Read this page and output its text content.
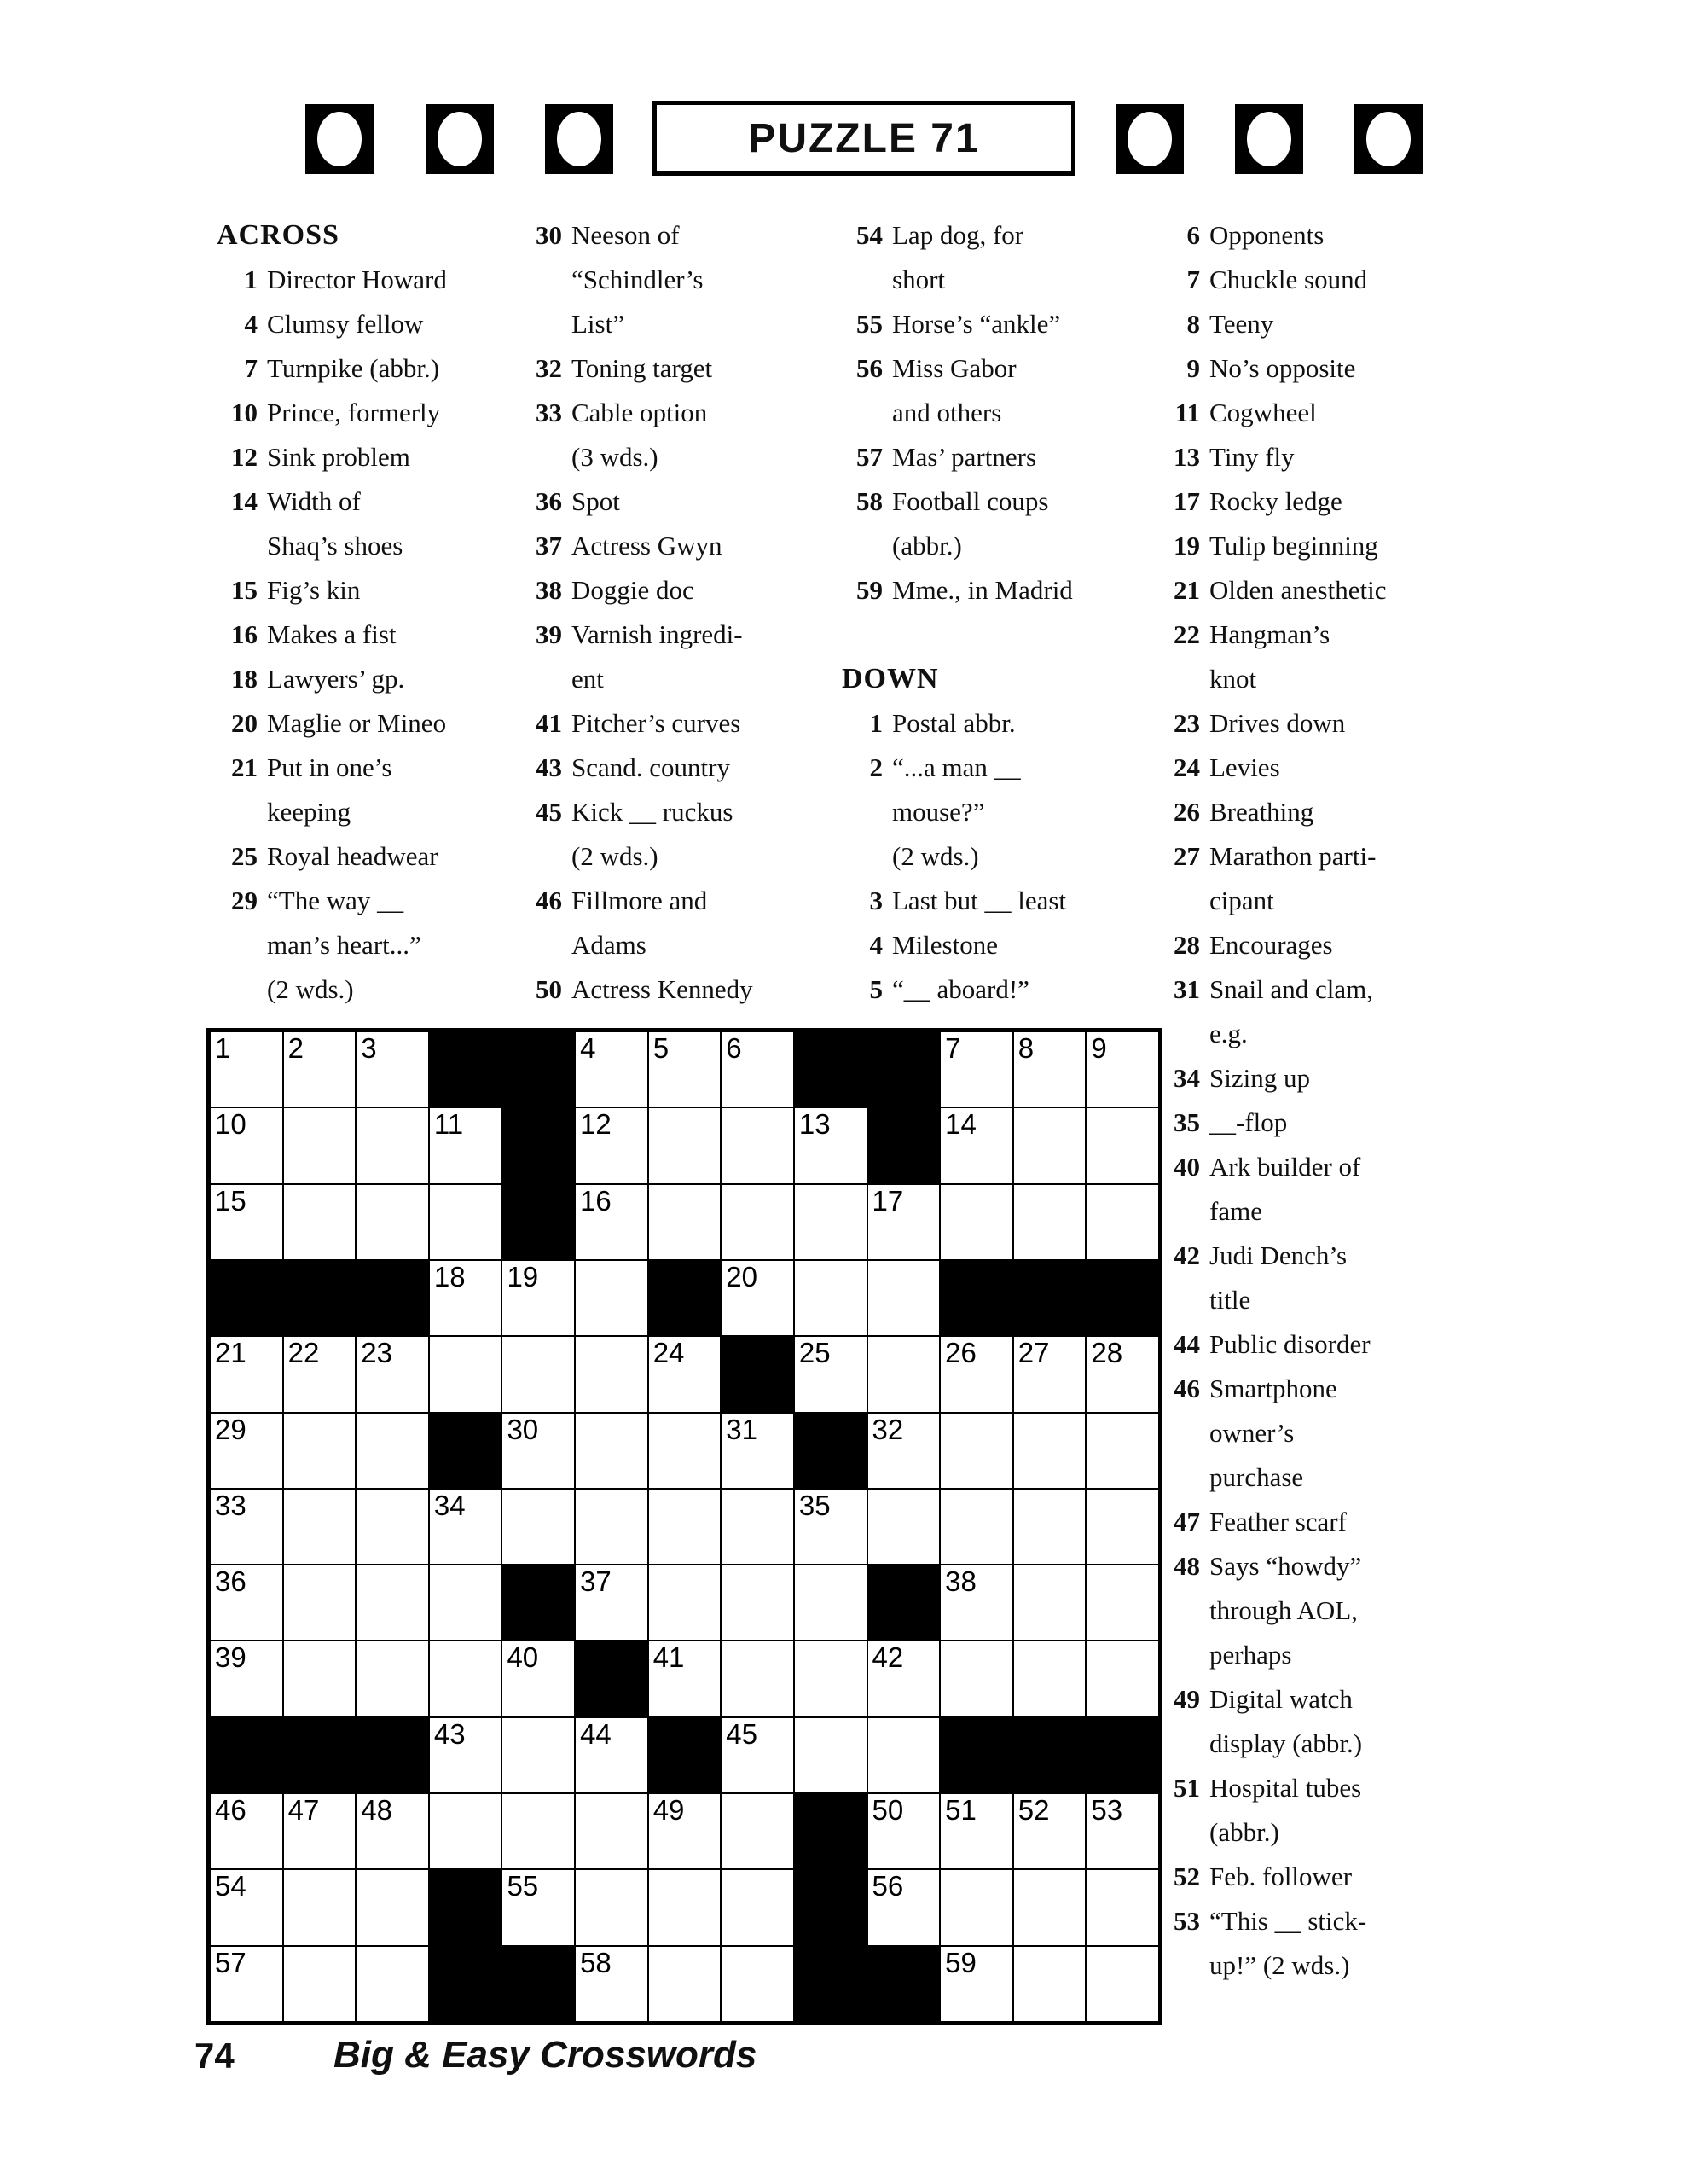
PUZZLE 71
ACROSS
1 Director Howard
4 Clumsy fellow
7 Turnpike (abbr.)
10 Prince, formerly
12 Sink problem
14 Width of
Shaq’s shoes
15 Fig’s kin
16 Makes a fist
18 Lawyers’ gp.
20 Maglie or Mineo
21 Put in one’s
keeping
25 Royal headwear
29 “The way __
man’s heart...”
(2 wds.)
30 Neeson of
“Schindler’s
List”
32 Toning target
33 Cable option
(3 wds.)
36 Spot
37 Actress Gwyn
38 Doggie doc
39 Varnish ingredi-
ent
41 Pitcher’s curves
43 Scand. country
45 Kick __ ruckus
(2 wds.)
46 Fillmore and
Adams
50 Actress Kennedy
54 Lap dog, for
short
55 Horse’s “ankle”
56 Miss Gabor
and others
57 Mas’ partners
58 Football coups
(abbr.)
59 Mme., in Madrid
DOWN
1 Postal abbr.
2 “...a man __
mouse?”
(2 wds.)
3 Last but __ least
4 Milestone
5 “__ aboard!”
6 Opponents
7 Chuckle sound
8 Teeny
9 No’s opposite
11 Cogwheel
13 Tiny fly
17 Rocky ledge
19 Tulip beginning
21 Olden anesthetic
22 Hangman’s
knot
23 Drives down
24 Levies
26 Breathing
27 Marathon parti-
cipant
28 Encourages
31 Snail and clam,
e.g.
34 Sizing up
35 __-flop
40 Ark builder of
fame
42 Judi Dench’s
title
44 Public disorder
46 Smartphone
owner’s
purchase
47 Feather scarf
48 Says “howdy”
through AOL,
perhaps
49 Digital watch
display (abbr.)
51 Hospital tubes
(abbr.)
52 Feb. follower
53 “This __ stick-
up!” (2 wds.)
1 2 3	4 5 6	7 8 9
10	11	12	13	14
15	16	17
18 19	20
21 22 23	24	25	26 27 28
29	30	31	32
33	34	35
36	37	38
39	40	41	42
43	44	45
46 47 48	49	50 51 52 53
54	55	56
57	58	59
74	Big & Easy Crosswords
